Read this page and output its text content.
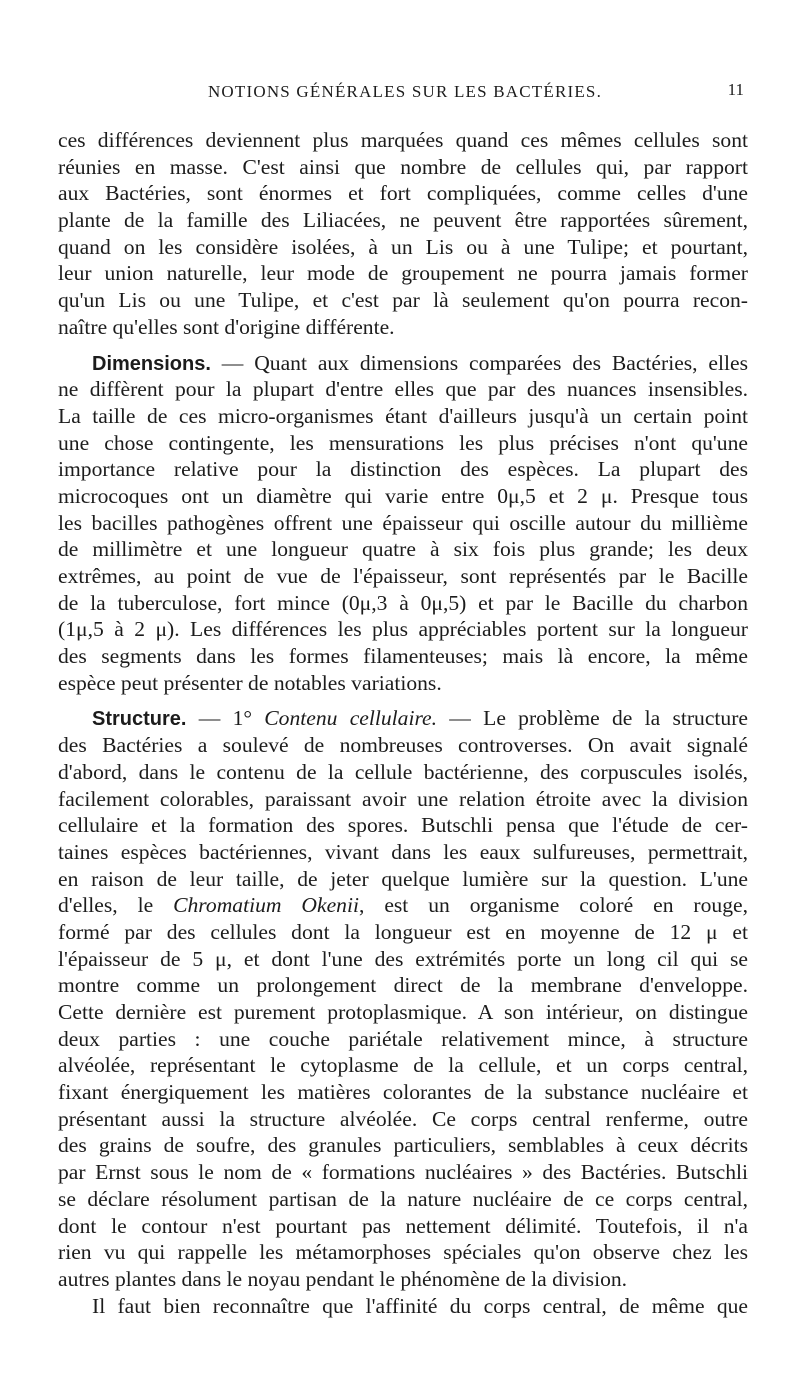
NOTIONS GÉNÉRALES SUR LES BACTÉRIES.	11
ces différences deviennent plus marquées quand ces mêmes cellules sont
réunies en masse. C'est ainsi que nombre de cellules qui, par rapport
aux Bactéries, sont énormes et fort compliquées, comme celles d'une
plante de la famille des Liliacées, ne peuvent être rapportées sûrement,
quand on les considère isolées, à un Lis ou à une Tulipe; et pourtant,
leur union naturelle, leur mode de groupement ne pourra jamais former
qu'un Lis ou une Tulipe, et c'est par là seulement qu'on pourra recon-
naître qu'elles sont d'origine différente.
Dimensions. — Quant aux dimensions comparées des Bactéries, elles
ne diffèrent pour la plupart d'entre elles que par des nuances insensibles.
La taille de ces micro-organismes étant d'ailleurs jusqu'à un certain point
une chose contingente, les mensurations les plus précises n'ont qu'une
importance relative pour la distinction des espèces. La plupart des
microcoques ont un diamètre qui varie entre 0μ,5 et 2 μ. Presque tous
les bacilles pathogènes offrent une épaisseur qui oscille autour du millième
de millimètre et une longueur quatre à six fois plus grande; les deux
extrêmes, au point de vue de l'épaisseur, sont représentés par le Bacille
de la tuberculose, fort mince (0μ,3 à 0μ,5) et par le Bacille du charbon
(1μ,5 à 2 μ). Les différences les plus appréciables portent sur la longueur
des segments dans les formes filamenteuses; mais là encore, la même
espèce peut présenter de notables variations.
Structure. — 1° Contenu cellulaire. — Le problème de la structure
des Bactéries a soulevé de nombreuses controverses. On avait signalé
d'abord, dans le contenu de la cellule bactérienne, des corpuscules isolés,
facilement colorables, paraissant avoir une relation étroite avec la division
cellulaire et la formation des spores. Butschli pensa que l'étude de cer-
taines espèces bactériennes, vivant dans les eaux sulfureuses, permettrait,
en raison de leur taille, de jeter quelque lumière sur la question. L'une
d'elles, le Chromatium Okenii, est un organisme coloré en rouge,
formé par des cellules dont la longueur est en moyenne de 12 μ et
l'épaisseur de 5 μ, et dont l'une des extrémités porte un long cil qui se
montre comme un prolongement direct de la membrane d'enveloppe.
Cette dernière est purement protoplasmique. A son intérieur, on distingue
deux parties : une couche pariétale relativement mince, à structure
alvéolée, représentant le cytoplasme de la cellule, et un corps central,
fixant énergiquement les matières colorantes de la substance nucléaire et
présentant aussi la structure alvéolée. Ce corps central renferme, outre
des grains de soufre, des granules particuliers, semblables à ceux décrits
par Ernst sous le nom de « formations nucléaires » des Bactéries. Butschli
se déclare résolument partisan de la nature nucléaire de ce corps central,
dont le contour n'est pourtant pas nettement délimité. Toutefois, il n'a
rien vu qui rappelle les métamorphoses spéciales qu'on observe chez les
autres plantes dans le noyau pendant le phénomène de la division.
Il faut bien reconnaître que l'affinité du corps central, de même que
